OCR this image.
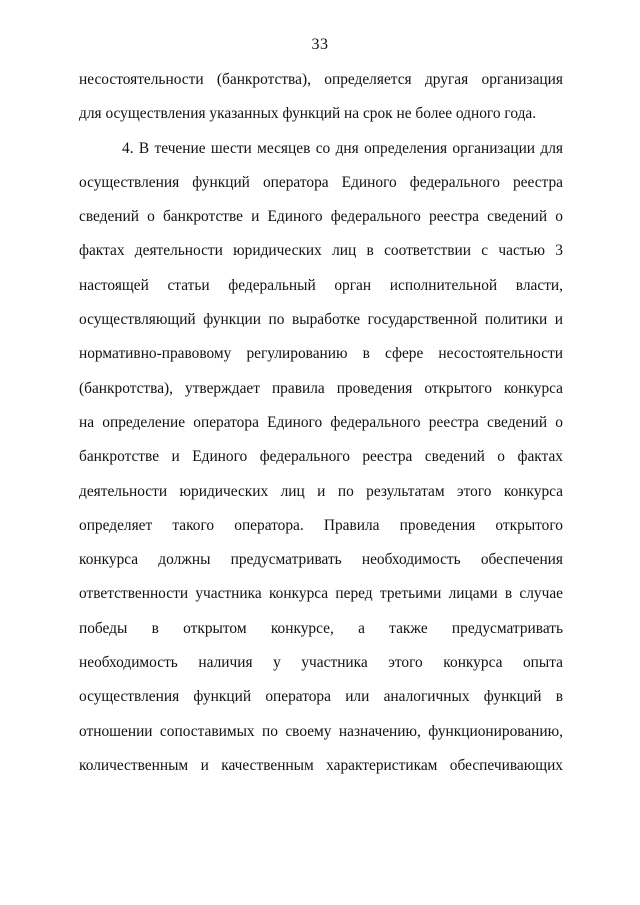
33
несостоятельности (банкротства), определяется другая организация
для осуществления указанных функций на срок не более одного года.
4. В течение шести месяцев со дня определения организации для
осуществления функций оператора Единого федерального реестра
сведений о банкротстве и Единого федерального реестра сведений о
фактах деятельности юридических лиц в соответствии с частью 3
настоящей статьи федеральный орган исполнительной власти,
осуществляющий функции по выработке государственной политики и
нормативно-правовому регулированию в сфере несостоятельности
(банкротства), утверждает правила проведения открытого конкурса
на определение оператора Единого федерального реестра сведений о
банкротстве и Единого федерального реестра сведений о фактах
деятельности юридических лиц и по результатам этого конкурса
определяет такого оператора. Правила проведения открытого
конкурса должны предусматривать необходимость обеспечения
ответственности участника конкурса перед третьими лицами в случае
победы в открытом конкурсе, а также предусматривать
необходимость наличия у участника этого конкурса опыта
осуществления функций оператора или аналогичных функций в
отношении сопоставимых по своему назначению, функционированию,
количественным и качественным характеристикам обеспечивающих
